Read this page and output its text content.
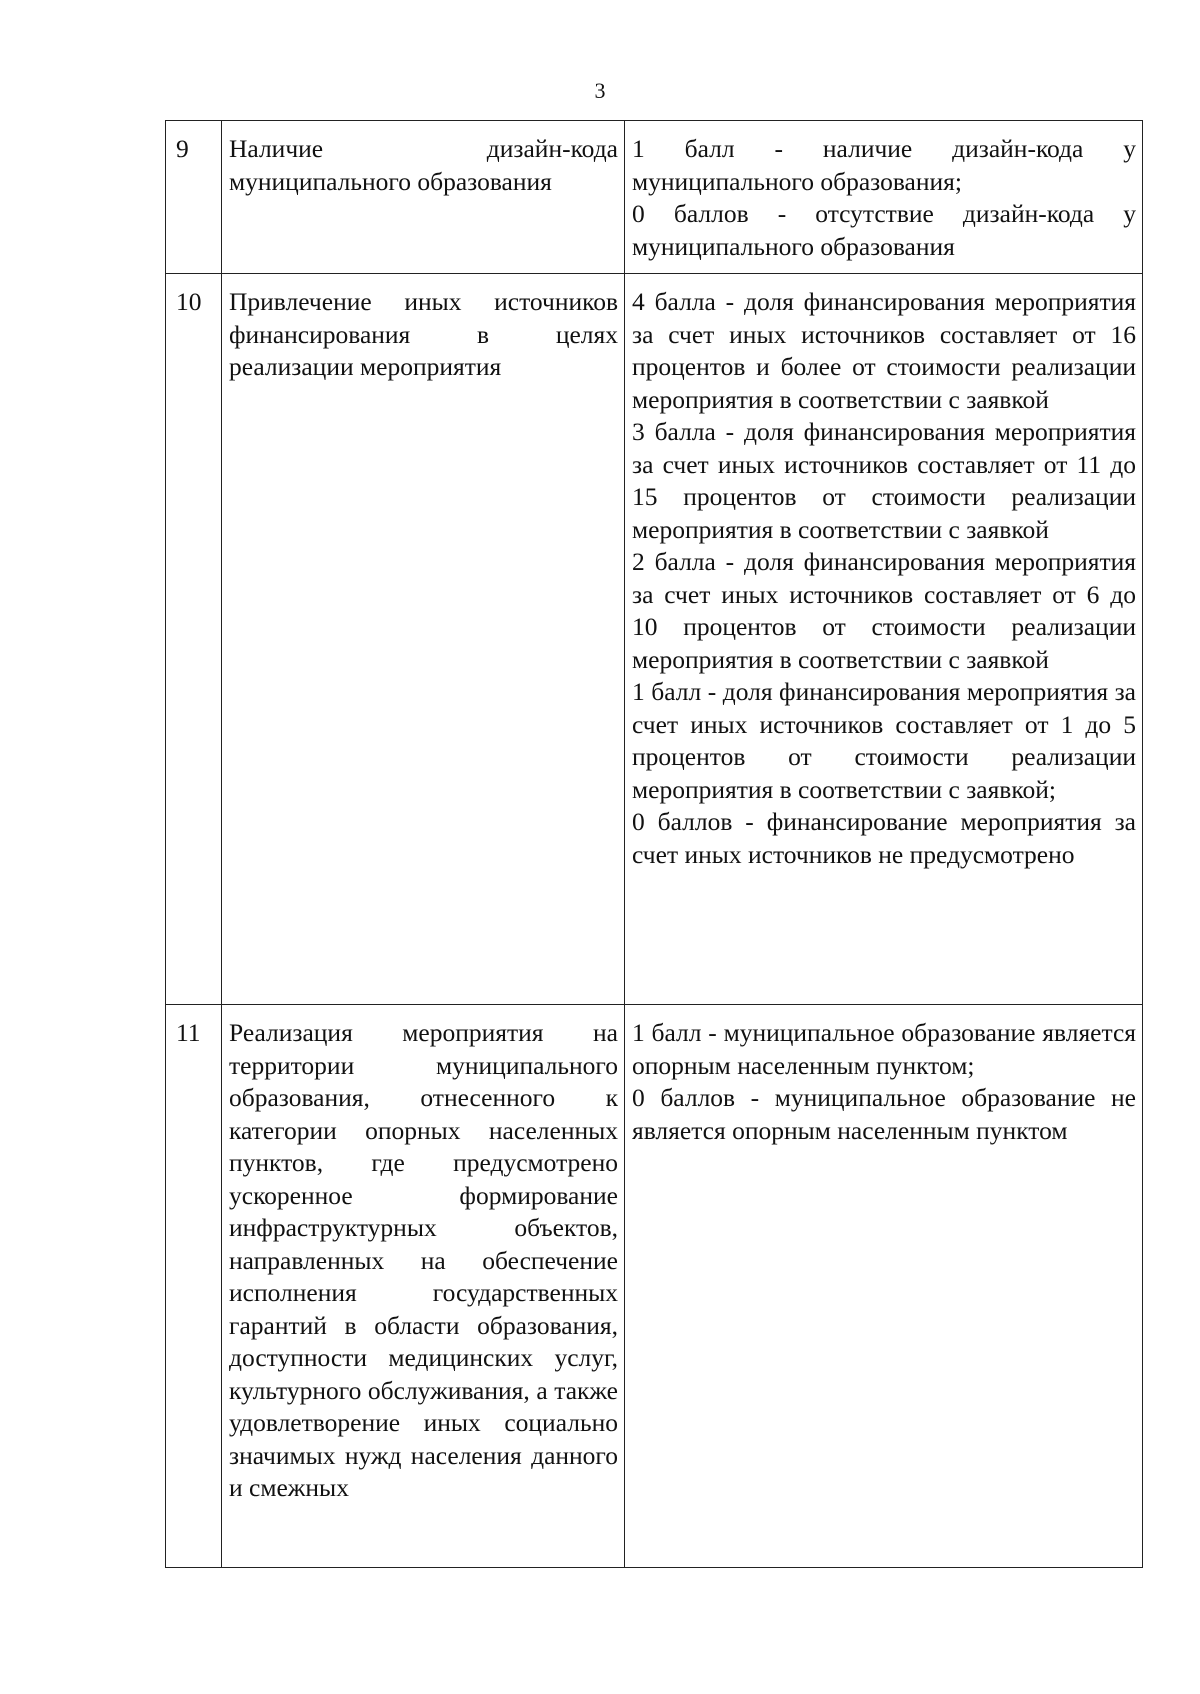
3
9	Наличие дизайн-кода муниципального образования	1 балл - наличие дизайн-кода у муниципального образования;
0 баллов - отсутствие дизайн-кода у муниципального образования

10	Привлечение иных источников финансирования в целях реализации мероприятия	4 балла - доля финансирования мероприятия за счет иных источников составляет от 16 процентов и более от стоимости реализации мероприятия в соответствии с заявкой
3 балла - доля финансирования мероприятия за счет иных источников составляет от 11 до 15 процентов от стоимости реализации мероприятия в соответствии с заявкой
2 балла - доля финансирования мероприятия за счет иных источников составляет от 6 до 10 процентов от стоимости реализации мероприятия в соответствии с заявкой
1 балл - доля финансирования мероприятия за счет иных источников составляет от 1 до 5 процентов от стоимости реализации мероприятия в соответствии с заявкой;
0 баллов - финансирование мероприятия за счет иных источников не предусмотрено

11	Реализация мероприятия на территории муниципального образования, отнесенного к категории опорных населенных пунктов, где предусмотрено ускоренное формирование инфраструктурных объектов, направленных на обеспечение исполнения государственных гарантий в области образования, доступности медицинских услуг, культурного обслуживания, а также удовлетворение иных социально значимых нужд населения данного и смежных	1 балл - муниципальное образование является опорным населенным пунктом;
0 баллов - муниципальное образование не является опорным населенным пунктом
